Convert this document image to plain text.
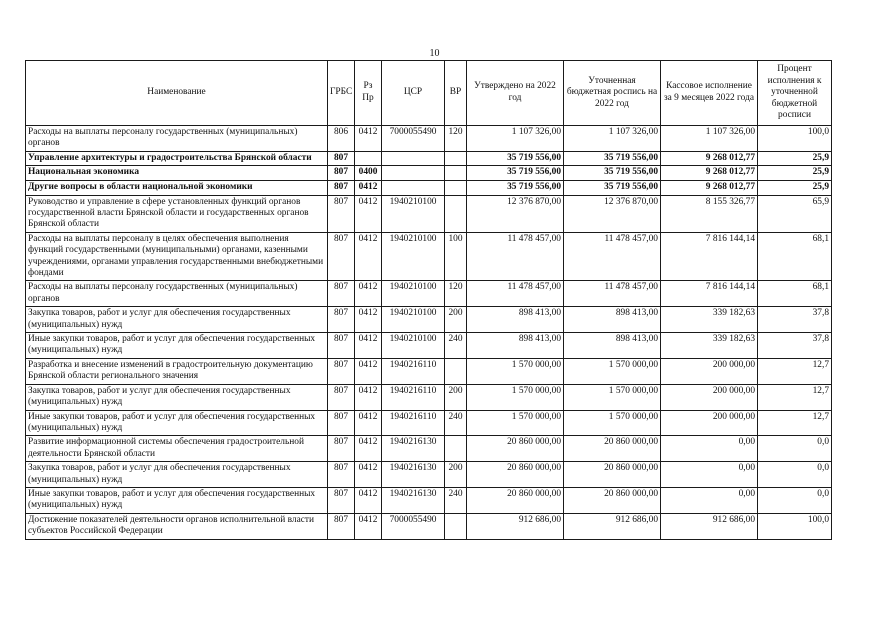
10
Наименование	ГРБС	Рз Пр	ЦСР	ВР	Утверждено на 2022 год	Уточненная бюджетная роспись на 2022 год	Кассовое исполнение за 9 месяцев 2022 года	Процент исполнения к уточненной бюджетной росписи
Расходы на выплаты персоналу государственных (муниципальных) органов	806	0412	7000055490	120	1 107 326,00	1 107 326,00	1 107 326,00	100,0
Управление архитектуры и градостроительства Брянской области	807				35 719 556,00	35 719 556,00	9 268 012,77	25,9
Национальная экономика	807	0400			35 719 556,00	35 719 556,00	9 268 012,77	25,9
Другие вопросы в области национальной экономики	807	0412			35 719 556,00	35 719 556,00	9 268 012,77	25,9
Руководство и управление в сфере установленных функций органов государственной власти Брянской области и государственных органов Брянской области	807	0412	1940210100		12 376 870,00	12 376 870,00	8 155 326,77	65,9
Расходы на выплаты персоналу в целях обеспечения выполнения функций государственными (муниципальными) органами, казенными учреждениями, органами управления государственными внебюджетными фондами	807	0412	1940210100	100	11 478 457,00	11 478 457,00	7 816 144,14	68,1
Расходы на выплаты персоналу государственных (муниципальных) органов	807	0412	1940210100	120	11 478 457,00	11 478 457,00	7 816 144,14	68,1
Закупка товаров, работ и услуг для обеспечения государственных (муниципальных) нужд	807	0412	1940210100	200	898 413,00	898 413,00	339 182,63	37,8
Иные закупки товаров, работ и услуг для обеспечения государственных (муниципальных) нужд	807	0412	1940210100	240	898 413,00	898 413,00	339 182,63	37,8
Разработка и внесение изменений в градостроительную документацию Брянской области регионального значения	807	0412	1940216110		1 570 000,00	1 570 000,00	200 000,00	12,7
Закупка товаров, работ и услуг для обеспечения государственных (муниципальных) нужд	807	0412	1940216110	200	1 570 000,00	1 570 000,00	200 000,00	12,7
Иные закупки товаров, работ и услуг для обеспечения государственных (муниципальных) нужд	807	0412	1940216110	240	1 570 000,00	1 570 000,00	200 000,00	12,7
Развитие информационной системы обеспечения градостроительной деятельности Брянской области	807	0412	1940216130		20 860 000,00	20 860 000,00	0,00	0,0
Закупка товаров, работ и услуг для обеспечения государственных (муниципальных) нужд	807	0412	1940216130	200	20 860 000,00	20 860 000,00	0,00	0,0
Иные закупки товаров, работ и услуг для обеспечения государственных (муниципальных) нужд	807	0412	1940216130	240	20 860 000,00	20 860 000,00	0,00	0,0
Достижение показателей деятельности органов исполнительной власти субъектов Российской Федерации	807	0412	7000055490		912 686,00	912 686,00	912 686,00	100,0
